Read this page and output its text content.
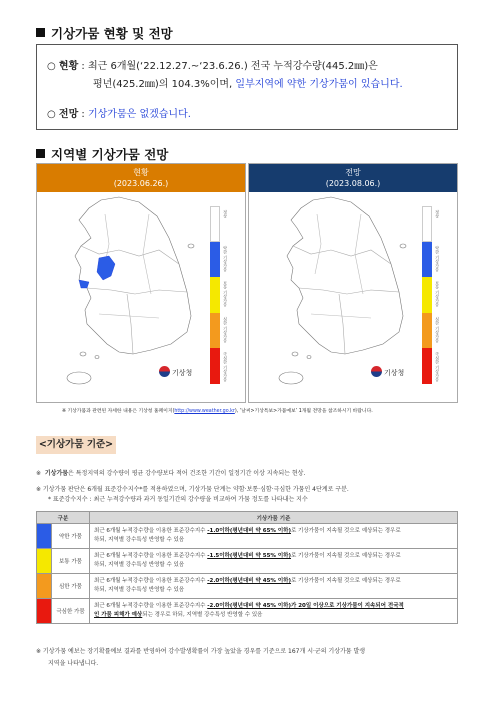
기상가뭄 현황 및 전망
○ 현황 : 최근 6개월(‘22.12.27.~‘23.6.26.) 전국 누적강수량(445.2㎜)은
평년(425.2㎜)의 104.3%이며, 일부지역에 약한 기상가뭄이 있습니다.
○ 전망 : 기상가뭄은 없겠습니다.
지역별 기상가뭄 전망
현황
(2023.06.26.)
기상청
정상
약한 기상가뭄
보통 기상가뭄
심한 기상가뭄
극심한 기상가뭄
전망
(2023.08.06.)
기상청
정상
약한 기상가뭄
보통 기상가뭄
심한 기상가뭄
극심한 기상가뭄
※ 기상가뭄과 관련된 자세한 내용은 기상청 홈페이지(http://www.weather.go.kr), ‘날씨>기상특보>가뭄예보’ 1개월 전망을 참조하시기 바랍니다.
<기상가뭄 기준>
※ 기상가뭄은 특정지역의 강수량이 평균 강수량보다 적어 건조한 기간이 일정기간 이상 지속되는 현상.
※ 기상가뭄 판단은 6개월 표준강수지수*를 적용하였으며, 기상가뭄 단계는 약함·보통·심함·극심한 가뭄인 4단계로 구분.
* 표준강수지수 : 최근 누적강수량과 과거 동일기간의 강수량을 비교하여 가뭄 정도를 나타내는 지수
구분		기상가뭄 기준
	약한 가뭄	최근 6개월 누적강수량을 이용한 표준강수지수 -1.0이하(평년대비 약 65% 이하)로 기상가뭄이 지속될 것으로 예상되는 경우로
하되, 지역별 강수특성 반영할 수 있음
	보통 가뭄	최근 6개월 누적강수량을 이용한 표준강수지수 -1.5이하(평년대비 약 55% 이하)로 기상가뭄이 지속될 것으로 예상되는 경우로
하되, 지역별 강수특성 반영할 수 있음
	심한 가뭄	최근 6개월 누적강수량을 이용한 표준강수지수 -2.0이하(평년대비 약 45% 이하)로 기상가뭄이 지속될 것으로 예상되는 경우로
하되, 지역별 강수특성 반영할 수 있음
	극심한 가뭄	최근 6개월 누적강수량을 이용한 표준강수지수 -2.0이하(평년대비 약 45% 이하)가 20일 이상으로 기상가뭄이 지속되어 전국적
인 가뭄 피해가 예상되는 경우로 하되, 지역별 강수특성 반영할 수 있음
※ 기상가뭄 예보는 장기확률예보 결과를 반영하여 강수발생확률이 가장 높았을 경우를 기준으로 167개 시·군의 기상가뭄 발생
지역을 나타냅니다.
